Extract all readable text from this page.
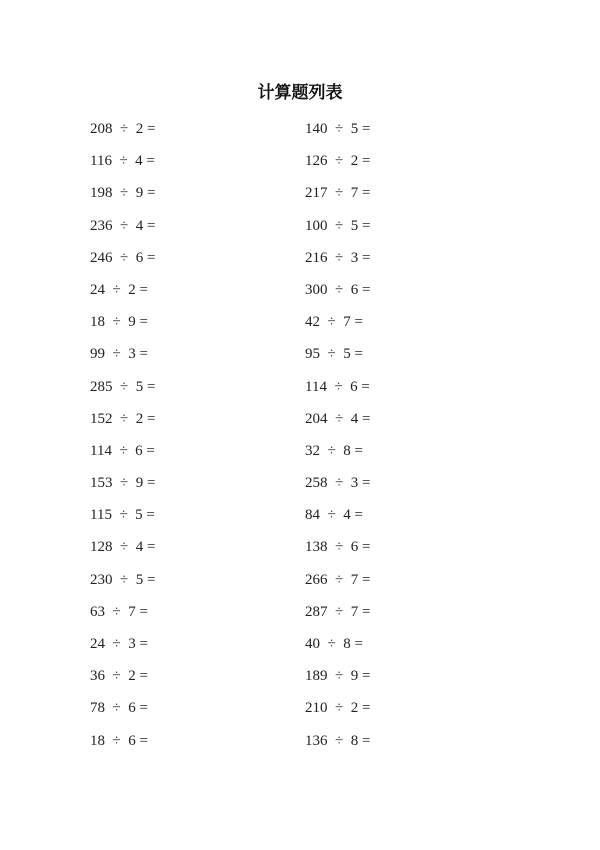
计算题列表
208  ÷  2 =
116  ÷  4 =
198  ÷  9 =
236  ÷  4 =
246  ÷  6 =
24  ÷  2 =
18  ÷  9 =
99  ÷  3 =
285  ÷  5 =
152  ÷  2 =
114  ÷  6 =
153  ÷  9 =
115  ÷  5 =
128  ÷  4 =
230  ÷  5 =
63  ÷  7 =
24  ÷  3 =
36  ÷  2 =
78  ÷  6 =
18  ÷  6 =
140  ÷  5 =
126  ÷  2 =
217  ÷  7 =
100  ÷  5 =
216  ÷  3 =
300  ÷  6 =
42  ÷  7 =
95  ÷  5 =
114  ÷  6 =
204  ÷  4 =
32  ÷  8 =
258  ÷  3 =
84  ÷  4 =
138  ÷  6 =
266  ÷  7 =
287  ÷  7 =
40  ÷  8 =
189  ÷  9 =
210  ÷  2 =
136  ÷  8 =
